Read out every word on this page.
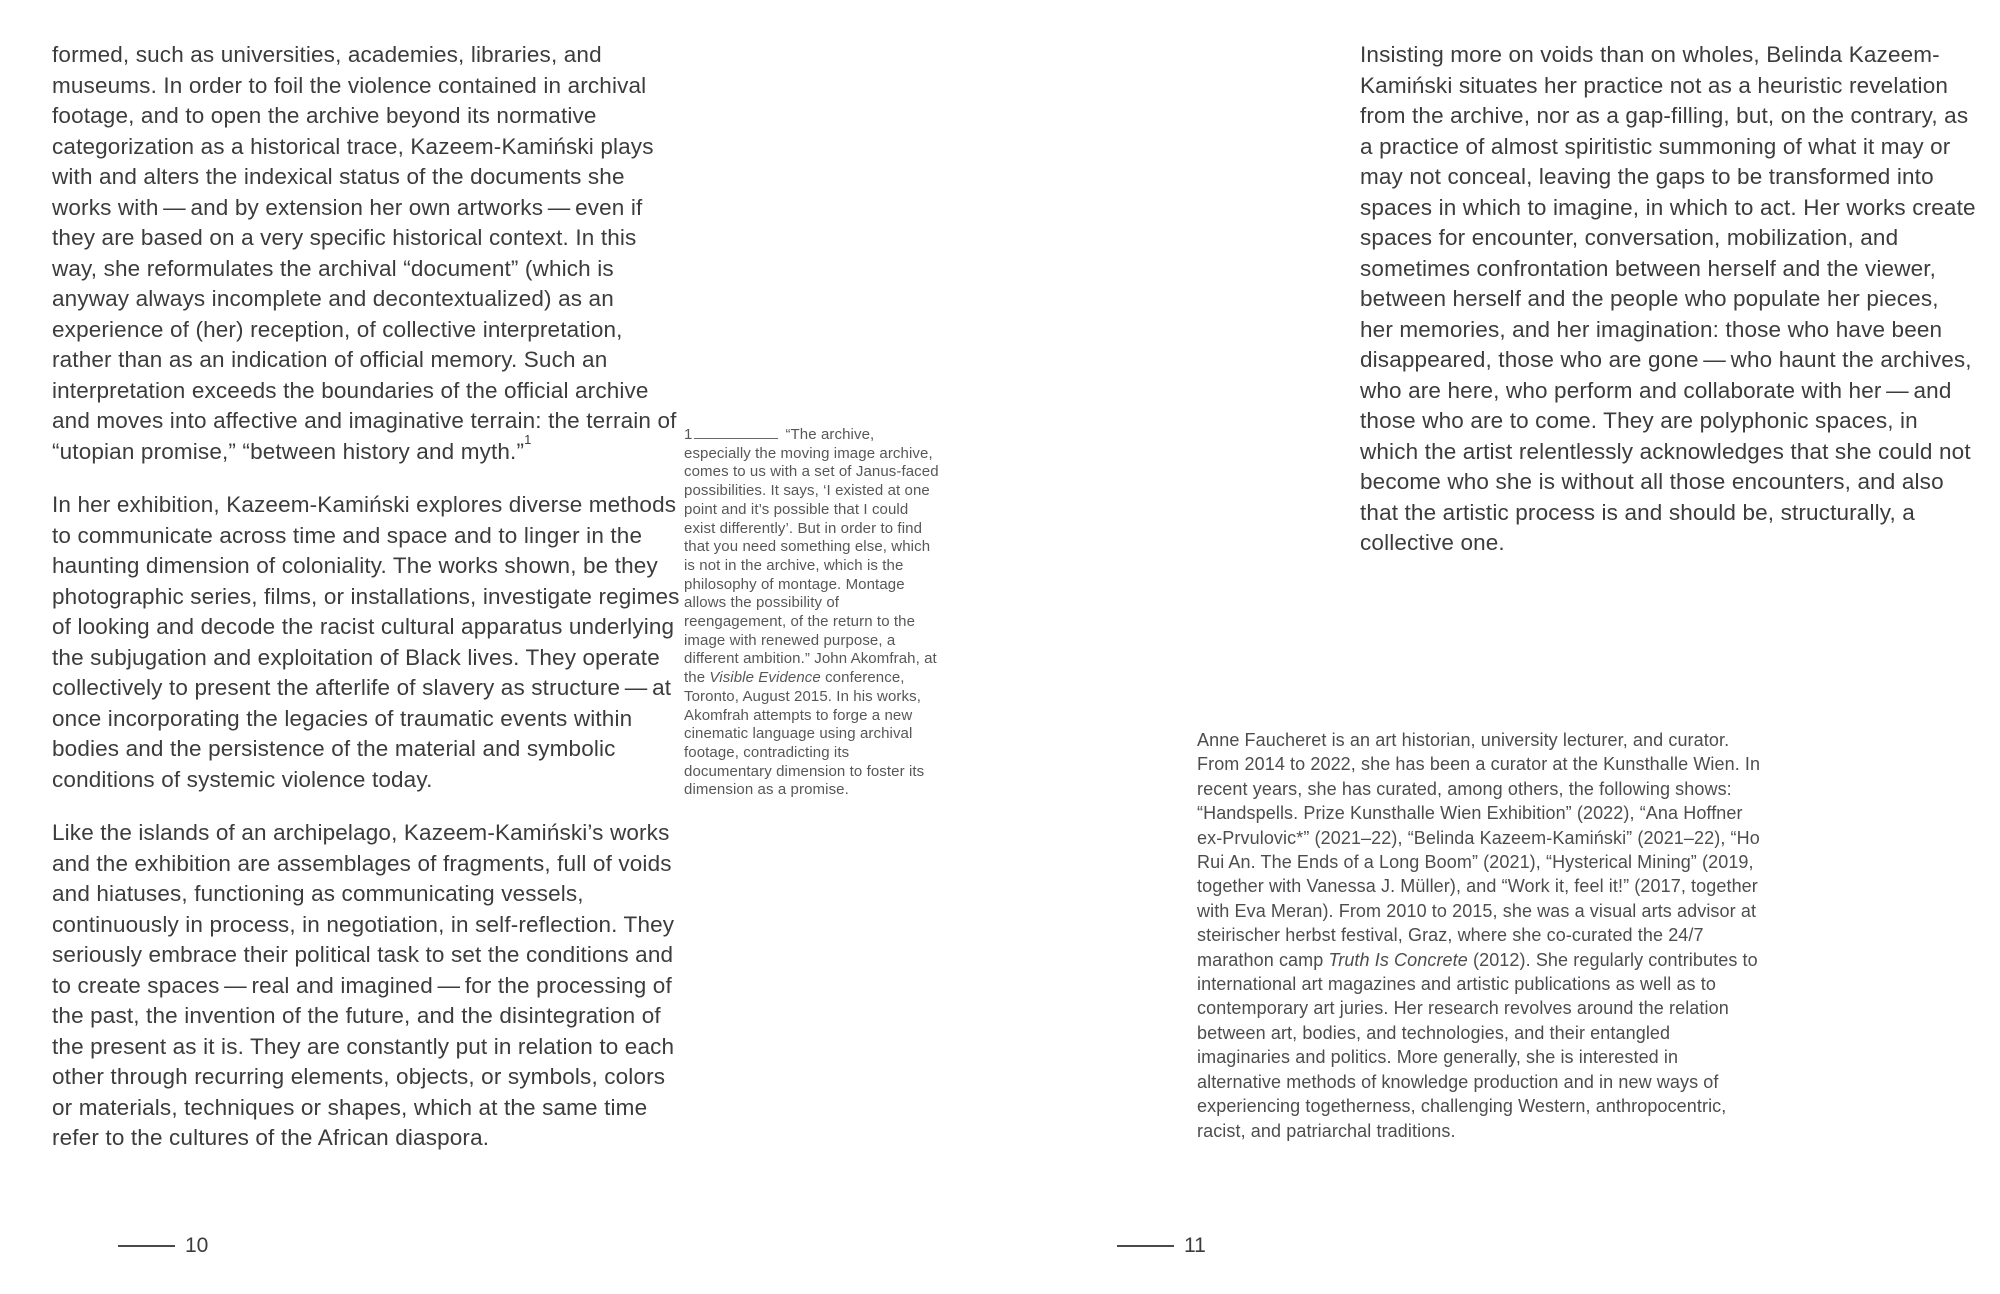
formed, such as universities, academies, libraries, and museums. In order to foil the violence contained in archival footage, and to open the archive beyond its normative categorization as a historical trace, Kazeem-Kamiński plays with and alters the indexical status of the documents she works with — and by extension her own artworks — even if they are based on a very specific historical context. In this way, she reformulates the archival “document” (which is anyway always incomplete and decontextualized) as an experience of (her) reception, of collective interpretation, rather than as an indication of official memory. Such an interpretation exceeds the boundaries of the official archive and moves into affective and imaginative terrain: the terrain of “utopian promise,” “between history and myth.”$^1$

In her exhibition, Kazeem-Kamiński explores diverse methods to communicate across time and space and to linger in the haunting dimension of coloniality. The works shown, be they photographic series, films, or installations, investigate regimes of looking and decode the racist cultural apparatus underlying the subjugation and exploitation of Black lives. They operate collectively to present the afterlife of slavery as structure — at once incorporating the legacies of traumatic events within bodies and the persistence of the material and symbolic conditions of systemic violence today.

Like the islands of an archipelago, Kazeem-Kamiński’s works and the exhibition are assemblages of fragments, full of voids and hiatuses, functioning as communicating vessels, continuously in process, in negotiation, in self-reflection. They seriously embrace their political task to set the conditions and to create spaces — real and imagined — for the processing of the past, the invention of the future, and the disintegration of the present as it is. They are constantly put in relation to each other through recurring elements, objects, or symbols, colors or materials, techniques or shapes, which at the same time refer to the cultures of the African diaspora.

1	“The archive, especially the moving image archive, comes to us with a set of Janus-faced possibilities. It says, ‘I existed at one point and it’s possible that I could exist differently’. But in order to find that you need something else, which is not in the archive, which is the philosophy of montage. Montage allows the possibility of reengagement, of the return to the image with renewed purpose, a different ambition.” John Akomfrah, at the Visible Evidence conference, Toronto, August 2015. In his works, Akomfrah attempts to forge a new cinematic language using archival footage, contradicting its documentary dimension to foster its dimension as a promise.
10

Insisting more on voids than on wholes, Belinda Kazeem-Kamiński situates her practice not as a heuristic revelation from the archive, nor as a gap-filling, but, on the contrary, as a practice of almost spiritistic summoning of what it may or may not conceal, leaving the gaps to be transformed into spaces in which to imagine, in which to act. Her works create spaces for encounter, conversation, mobilization, and sometimes confrontation between herself and the viewer, between herself and the people who populate her pieces, her memories, and her imagination: those who have been disappeared, those who are gone — who haunt the archives, who are here, who perform and collaborate with her — and those who are to come. They are polyphonic spaces, in which the artist relentlessly acknowledges that she could not become who she is without all those encounters, and also that the artistic process is and should be, structurally, a collective one.

Anne Faucheret is an art historian, university lecturer, and curator. From 2014 to 2022, she has been a curator at the Kunsthalle Wien. In recent years, she has curated, among others, the following shows: “Handspells. Prize Kunsthalle Wien Exhibition” (2022), “Ana Hoffner ex-Prvulovic*” (2021–22), “Belinda Kazeem-Kamiński” (2021–22), “Ho Rui An. The Ends of a Long Boom” (2021), “Hysterical Mining” (2019, together with Vanessa J. Müller), and “Work it, feel it!” (2017, together with Eva Meran). From 2010 to 2015, she was a visual arts advisor at steirischer herbst festival, Graz, where she co-curated the 24/7 marathon camp Truth Is Concrete (2012). She regularly contributes to international art magazines and artistic publications as well as to contemporary art juries. Her research revolves around the relation between art, bodies, and technologies, and their entangled imaginaries and politics. More generally, she is interested in alternative methods of knowledge production and in new ways of experiencing togetherness, challenging Western, anthropocentric, racist, and patriarchal traditions.
11
